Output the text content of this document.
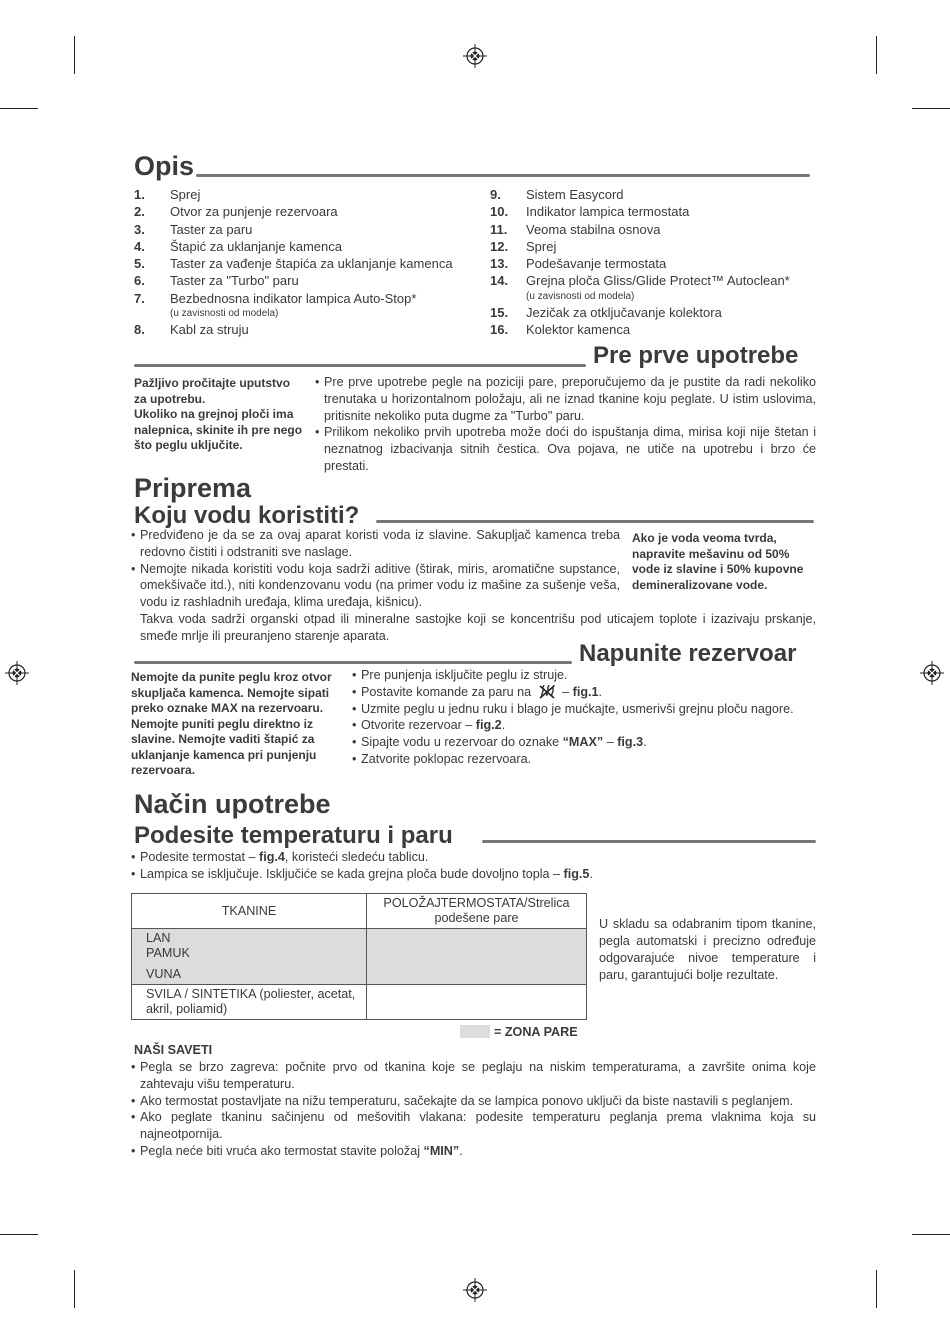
Opis
1.	Sprej
2.	Otvor za punjenje rezervoara
3.	Taster za paru
4.	Štapić za uklanjanje kamenca
5.	Taster za vađenje štapića za uklanjanje kamenca
6.	Taster za "Turbo" paru
7.	Bezbednosna indikator lampica Auto-Stop*
(u zavisnosti od modela)
8.	Kabl za struju
9.	Sistem Easycord
10.	Indikator lampica termostata
11.	Veoma stabilna osnova
12.	Sprej
13.	Podešavanje termostata
14.	Grejna ploča Gliss/Glide Protect™ Autoclean*
(u zavisnosti od modela)
15.	Jezičak za otključavanje kolektora
16.	Kolektor kamenca
Pre prve upotrebe
Pažljivo pročitajte uputstvo za upotrebu.
Ukoliko na grejnoj ploči ima nalepnica, skinite ih pre nego što peglu uključite.
• Pre prve upotrebe pegle na poziciji pare, preporučujemo da je pustite da radi nekoliko trenutaka u horizontalnom položaju, ali ne iznad tkanine koju peglate. U istim uslovima, pritisnite nekoliko puta dugme za "Turbo" paru.
• Prilikom nekoliko prvih upotreba može doći do ispuštanja dima, mirisa koji nije štetan i neznatnog izbacivanja sitnih čestica. Ova pojava, ne utiče na upotrebu i brzo će prestati.
Priprema
Koju vodu koristiti?
• Predviđeno je da se za ovaj aparat koristi voda iz slavine. Sakupljač kamenca treba redovno čistiti i odstraniti sve naslage.
• Nemojte nikada koristiti vodu koja sadrži aditive (štirak, miris, aromatične supstance, omekšivače itd.), niti kondenzovanu vodu (na primer vodu iz mašine za sušenje veša, vodu iz rashladnih uređaja, klima uređaja, kišnicu).
Ako je voda veoma tvrda, napravite mešavinu od 50% vode iz slavine i 50% kupovne demineralizovane vode.
Takva voda sadrži organski otpad ili mineralne sastojke koji se koncentrišu pod uticajem toplote i izazivaju prskanje, smeđe mrlje ili preuranjeno starenje aparata.
Napunite rezervoar
Nemojte da punite peglu kroz otvor skupljača kamenca. Nemojte sipati preko oznake MAX na rezervoaru. Nemojte puniti peglu direktno iz slavine. Nemojte vaditi štapić za uklanjanje kamenca pri punjenju rezervoara.
• Pre punjenja isključite peglu iz struje.
• Postavite komande za paru na – fig.1.
• Uzmite peglu u jednu ruku i blago je mućkajte, usmerivši grejnu ploču nagore.
• Otvorite rezervoar – fig.2.
• Sipajte vodu u rezervoar do oznake “MAX” – fig.3.
• Zatvorite poklopac rezervoara.
Način upotrebe
Podesite temperaturu i paru
• Podesite termostat – fig.4, koristeći sledeću tablicu.
• Lampica se isključuje. Isključiće se kada grejna ploča bude dovoljno topla – fig.5.
TKANINE	POLOŽAJTERMOSTATA/Strelica podešene pare
LAN
PAMUK
VUNA	
SVILA / SINTETIKA (poliester, acetat, akril, poliamid)	
= ZONA PARE
U skladu sa odabranim tipom tkanine, pegla automatski i precizno određuje odgovarajuće nivoe temperature i paru, garantujući bolje rezultate.
NAŠI SAVETI
• Pegla se brzo zagreva: počnite prvo od tkanina koje se peglaju na niskim temperaturama, a završite onima koje zahtevaju višu temperaturu.
• Ako termostat postavljate na nižu temperaturu, sačekajte da se lampica ponovo uključi da biste nastavili s peglanjem.
• Ako peglate tkaninu sačinjenu od mešovitih vlakana: podesite temperaturu peglanja prema vlaknima koja su najneotpornija.
• Pegla neće biti vruća ako termostat stavite položaj “MIN”.
